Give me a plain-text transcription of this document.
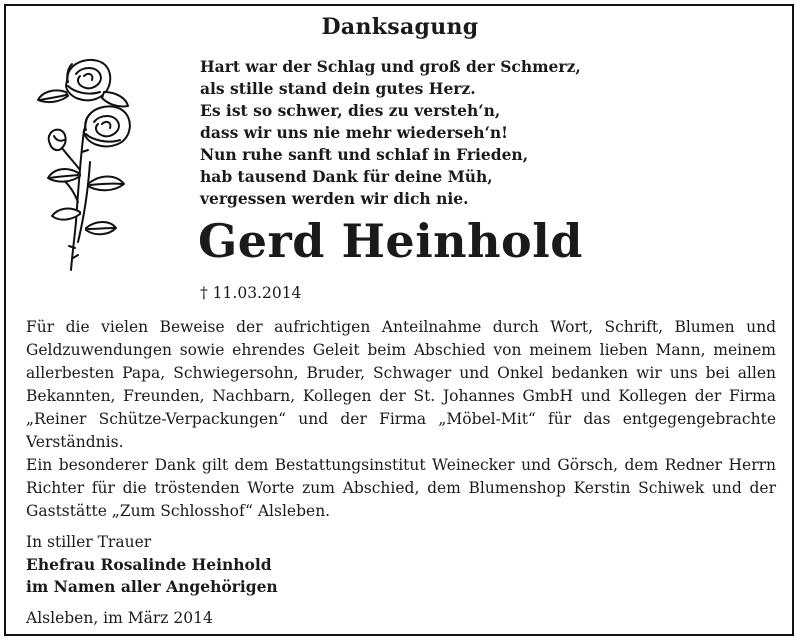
Danksagung
Hart war der Schlag und groß der Schmerz,
als stille stand dein gutes Herz.
Es ist so schwer, dies zu versteh‘n,
dass wir uns nie mehr wiederseh‘n!
Nun ruhe sanft und schlaf in Frieden,
hab tausend Dank für deine Müh,
vergessen werden wir dich nie.
Gerd Heinhold
† 11.03.2014

Für die vielen Beweise der aufrichtigen Anteilnahme durch Wort, Schrift, Blumen und Geldzuwendungen sowie ehrendes Geleit beim Abschied von meinem lieben Mann, meinem allerbesten Papa, Schwiegersohn, Bruder, Schwager und Onkel bedanken wir uns bei allen Bekannten, Freunden, Nachbarn, Kollegen der St. Johannes GmbH und Kollegen der Firma „Reiner Schütze-Verpackungen“ und der Firma „Möbel-Mit“ für das entgegengebrachte Verständnis.

Ein besonderer Dank gilt dem Bestattungsinstitut Weinecker und Görsch, dem Redner Herrn Richter für die tröstenden Worte zum Abschied, dem Blumenshop Kerstin Schiwek und der Gaststätte „Zum Schlosshof“ Alsleben.

In stiller Trauer
Ehefrau Rosalinde Heinhold
im Namen aller Angehörigen
Alsleben, im März 2014
